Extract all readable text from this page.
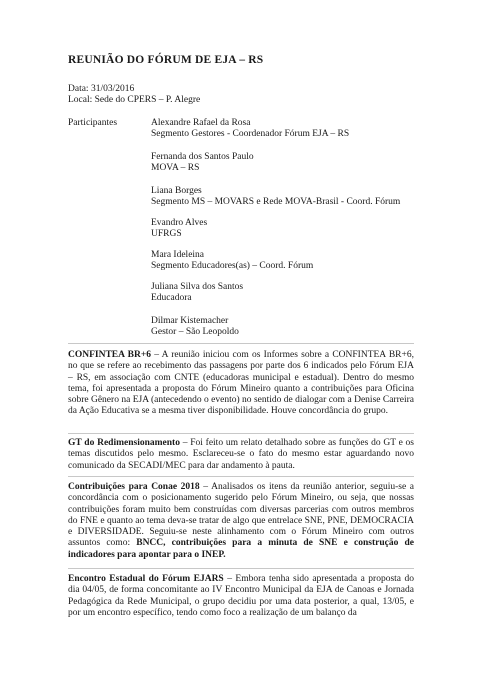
REUNIÃO DO FÓRUM DE EJA – RS
Data: 31/03/2016
Local: Sede do CPERS – P. Alegre
Participantes	Alexandre Rafael da Rosa
Segmento Gestores - Coordenador Fórum EJA – RS
Fernanda dos Santos Paulo
MOVA – RS
Liana Borges
Segmento MS – MOVARS e Rede MOVA-Brasil - Coord. Fórum
Evandro Alves
UFRGS
Mara Ideleina
Segmento Educadores(as) – Coord. Fórum
Juliana Silva dos Santos
Educadora
Dilmar Kistemacher
Gestor – São Leopoldo
CONFINTEA BR+6 – A reunião iniciou com os Informes sobre a CONFINTEA BR+6, no que se refere ao recebimento das passagens por parte dos 6 indicados pelo Fórum EJA – RS, em associação com CNTE (educadoras municipal e estadual). Dentro do mesmo tema, foi apresentada a proposta do Fórum Mineiro quanto a contribuições para Oficina sobre Gênero na EJA (antecedendo o evento) no sentido de dialogar com a Denise Carreira da Ação Educativa se a mesma tiver disponibilidade. Houve concordância do grupo.
GT do Redimensionamento – Foi feito um relato detalhado sobre as funções do GT e os temas discutidos pelo mesmo. Esclareceu-se o fato do mesmo estar aguardando novo comunicado da SECADI/MEC para dar andamento à pauta.
Contribuições para Conae 2018 – Analisados os itens da reunião anterior, seguiu-se a concordância com o posicionamento sugerido pelo Fórum Mineiro, ou seja, que nossas contribuições foram muito bem construídas com diversas parcerias com outros membros do FNE e quanto ao tema deva-se tratar de algo que entrelace SNE, PNE, DEMOCRACIA e DIVERSIDADE. Seguiu-se neste alinhamento com o Fórum Mineiro com outros assuntos como: BNCC, contribuições para a minuta de SNE e construção de indicadores para apontar para o INEP.
Encontro Estadual do Fórum EJARS – Embora tenha sido apresentada a proposta do dia 04/05, de forma concomitante ao IV Encontro Municipal da EJA de Canoas e Jornada Pedagógica da Rede Municipal, o grupo decidiu por uma data posterior, a qual, 13/05, e por um encontro específico, tendo como foco a realização de um balanço da
